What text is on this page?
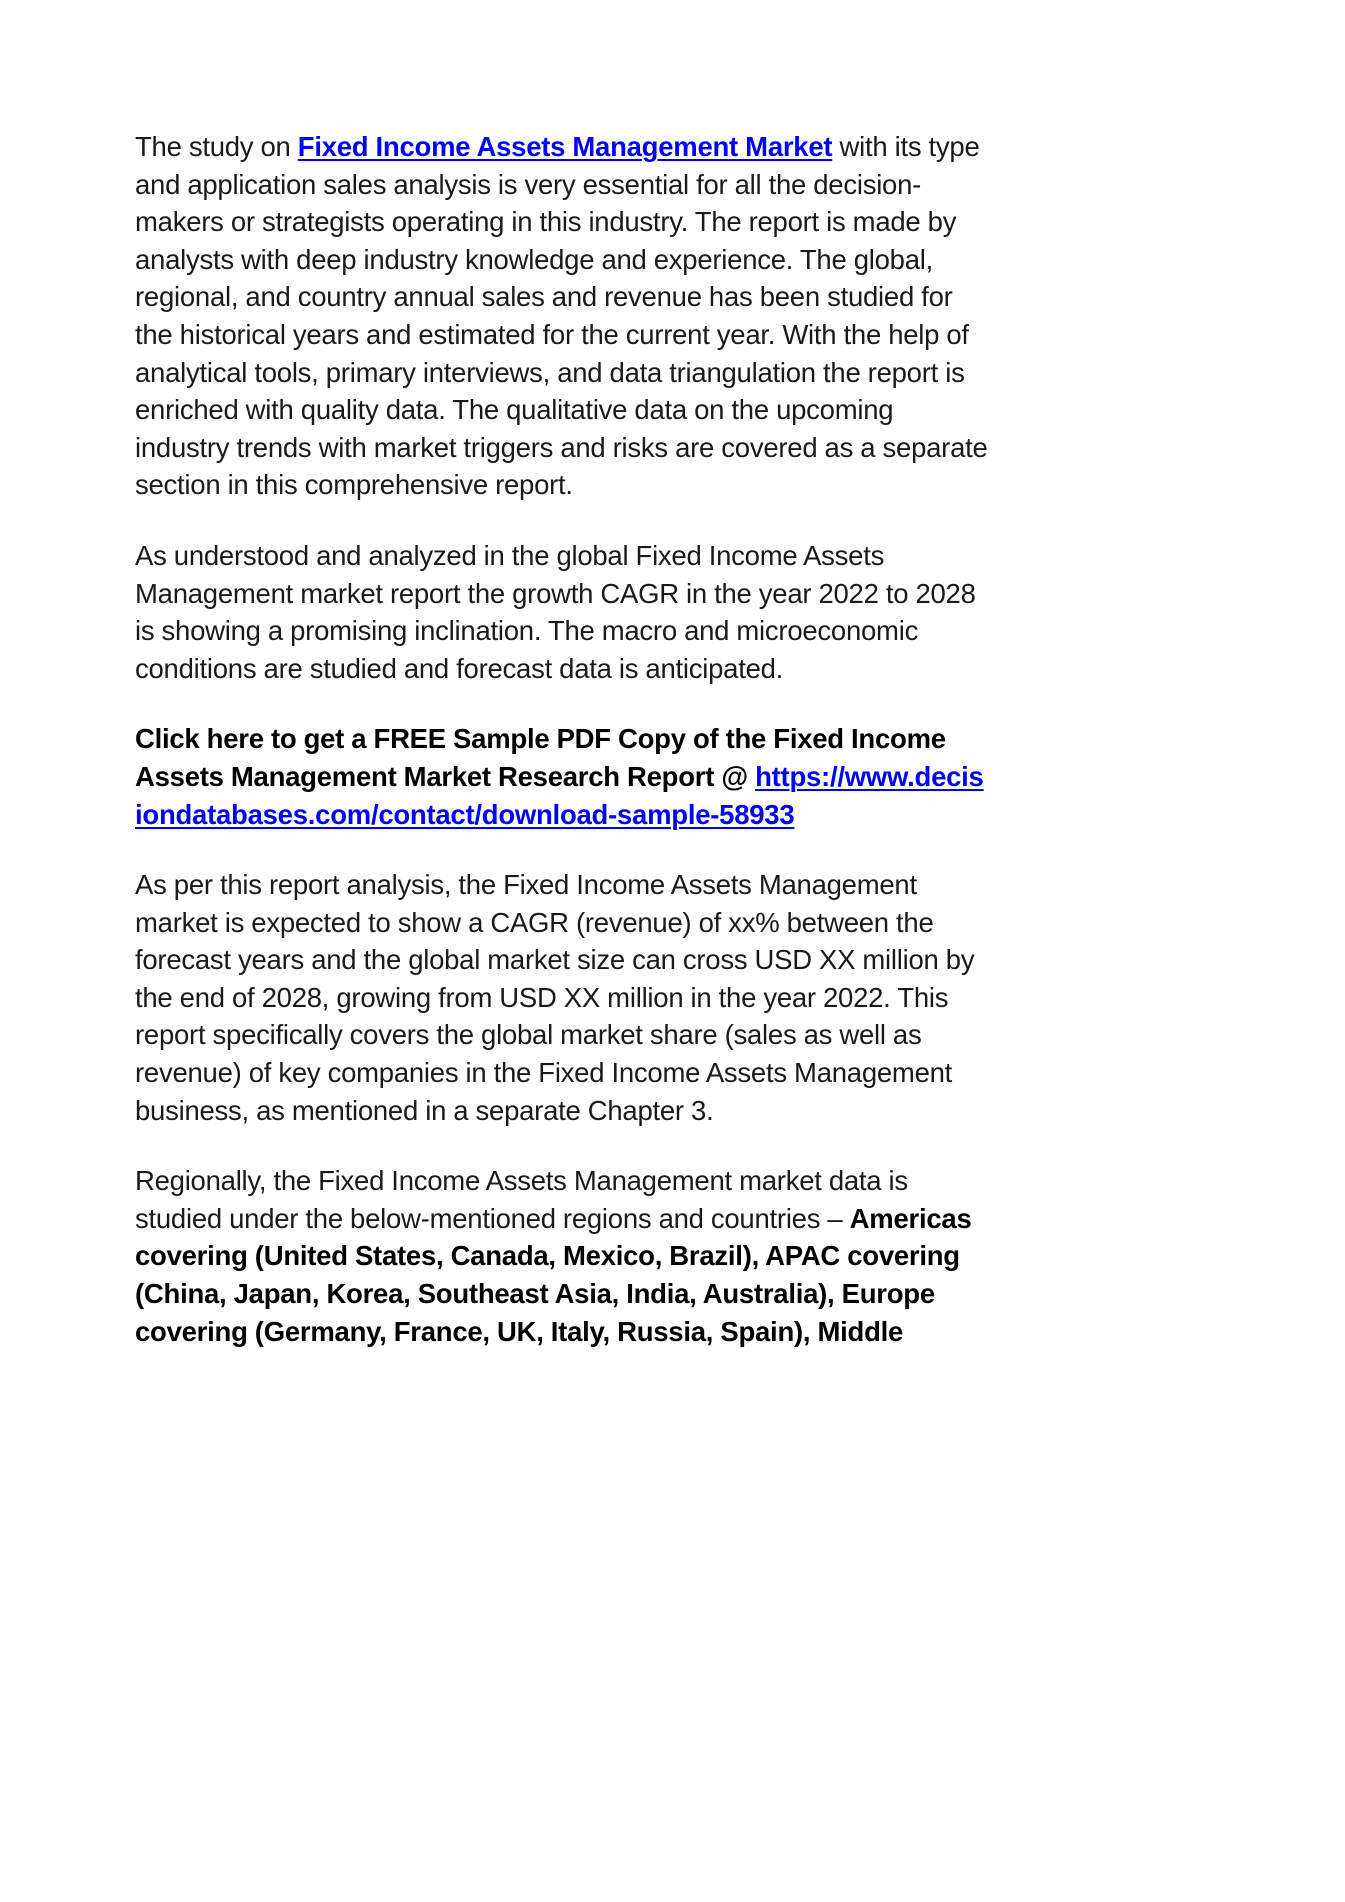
The study on Fixed Income Assets Management Market with its type and application sales analysis is very essential for all the decision-makers or strategists operating in this industry. The report is made by analysts with deep industry knowledge and experience. The global, regional, and country annual sales and revenue has been studied for the historical years and estimated for the current year. With the help of analytical tools, primary interviews, and data triangulation the report is enriched with quality data. The qualitative data on the upcoming industry trends with market triggers and risks are covered as a separate section in this comprehensive report.

As understood and analyzed in the global Fixed Income Assets Management market report the growth CAGR in the year 2022 to 2028 is showing a promising inclination. The macro and microeconomic conditions are studied and forecast data is anticipated.

Click here to get a FREE Sample PDF Copy of the Fixed Income Assets Management Market Research Report @ https://www.decisiondatabases.com/contact/download-sample-58933

As per this report analysis, the Fixed Income Assets Management market is expected to show a CAGR (revenue) of xx% between the forecast years and the global market size can cross USD XX million by the end of 2028, growing from USD XX million in the year 2022. This report specifically covers the global market share (sales as well as revenue) of key companies in the Fixed Income Assets Management business, as mentioned in a separate Chapter 3.

Regionally, the Fixed Income Assets Management market data is studied under the below-mentioned regions and countries – Americas covering (United States, Canada, Mexico, Brazil), APAC covering (China, Japan, Korea, Southeast Asia, India, Australia), Europe covering (Germany, France, UK, Italy, Russia, Spain), Middle
